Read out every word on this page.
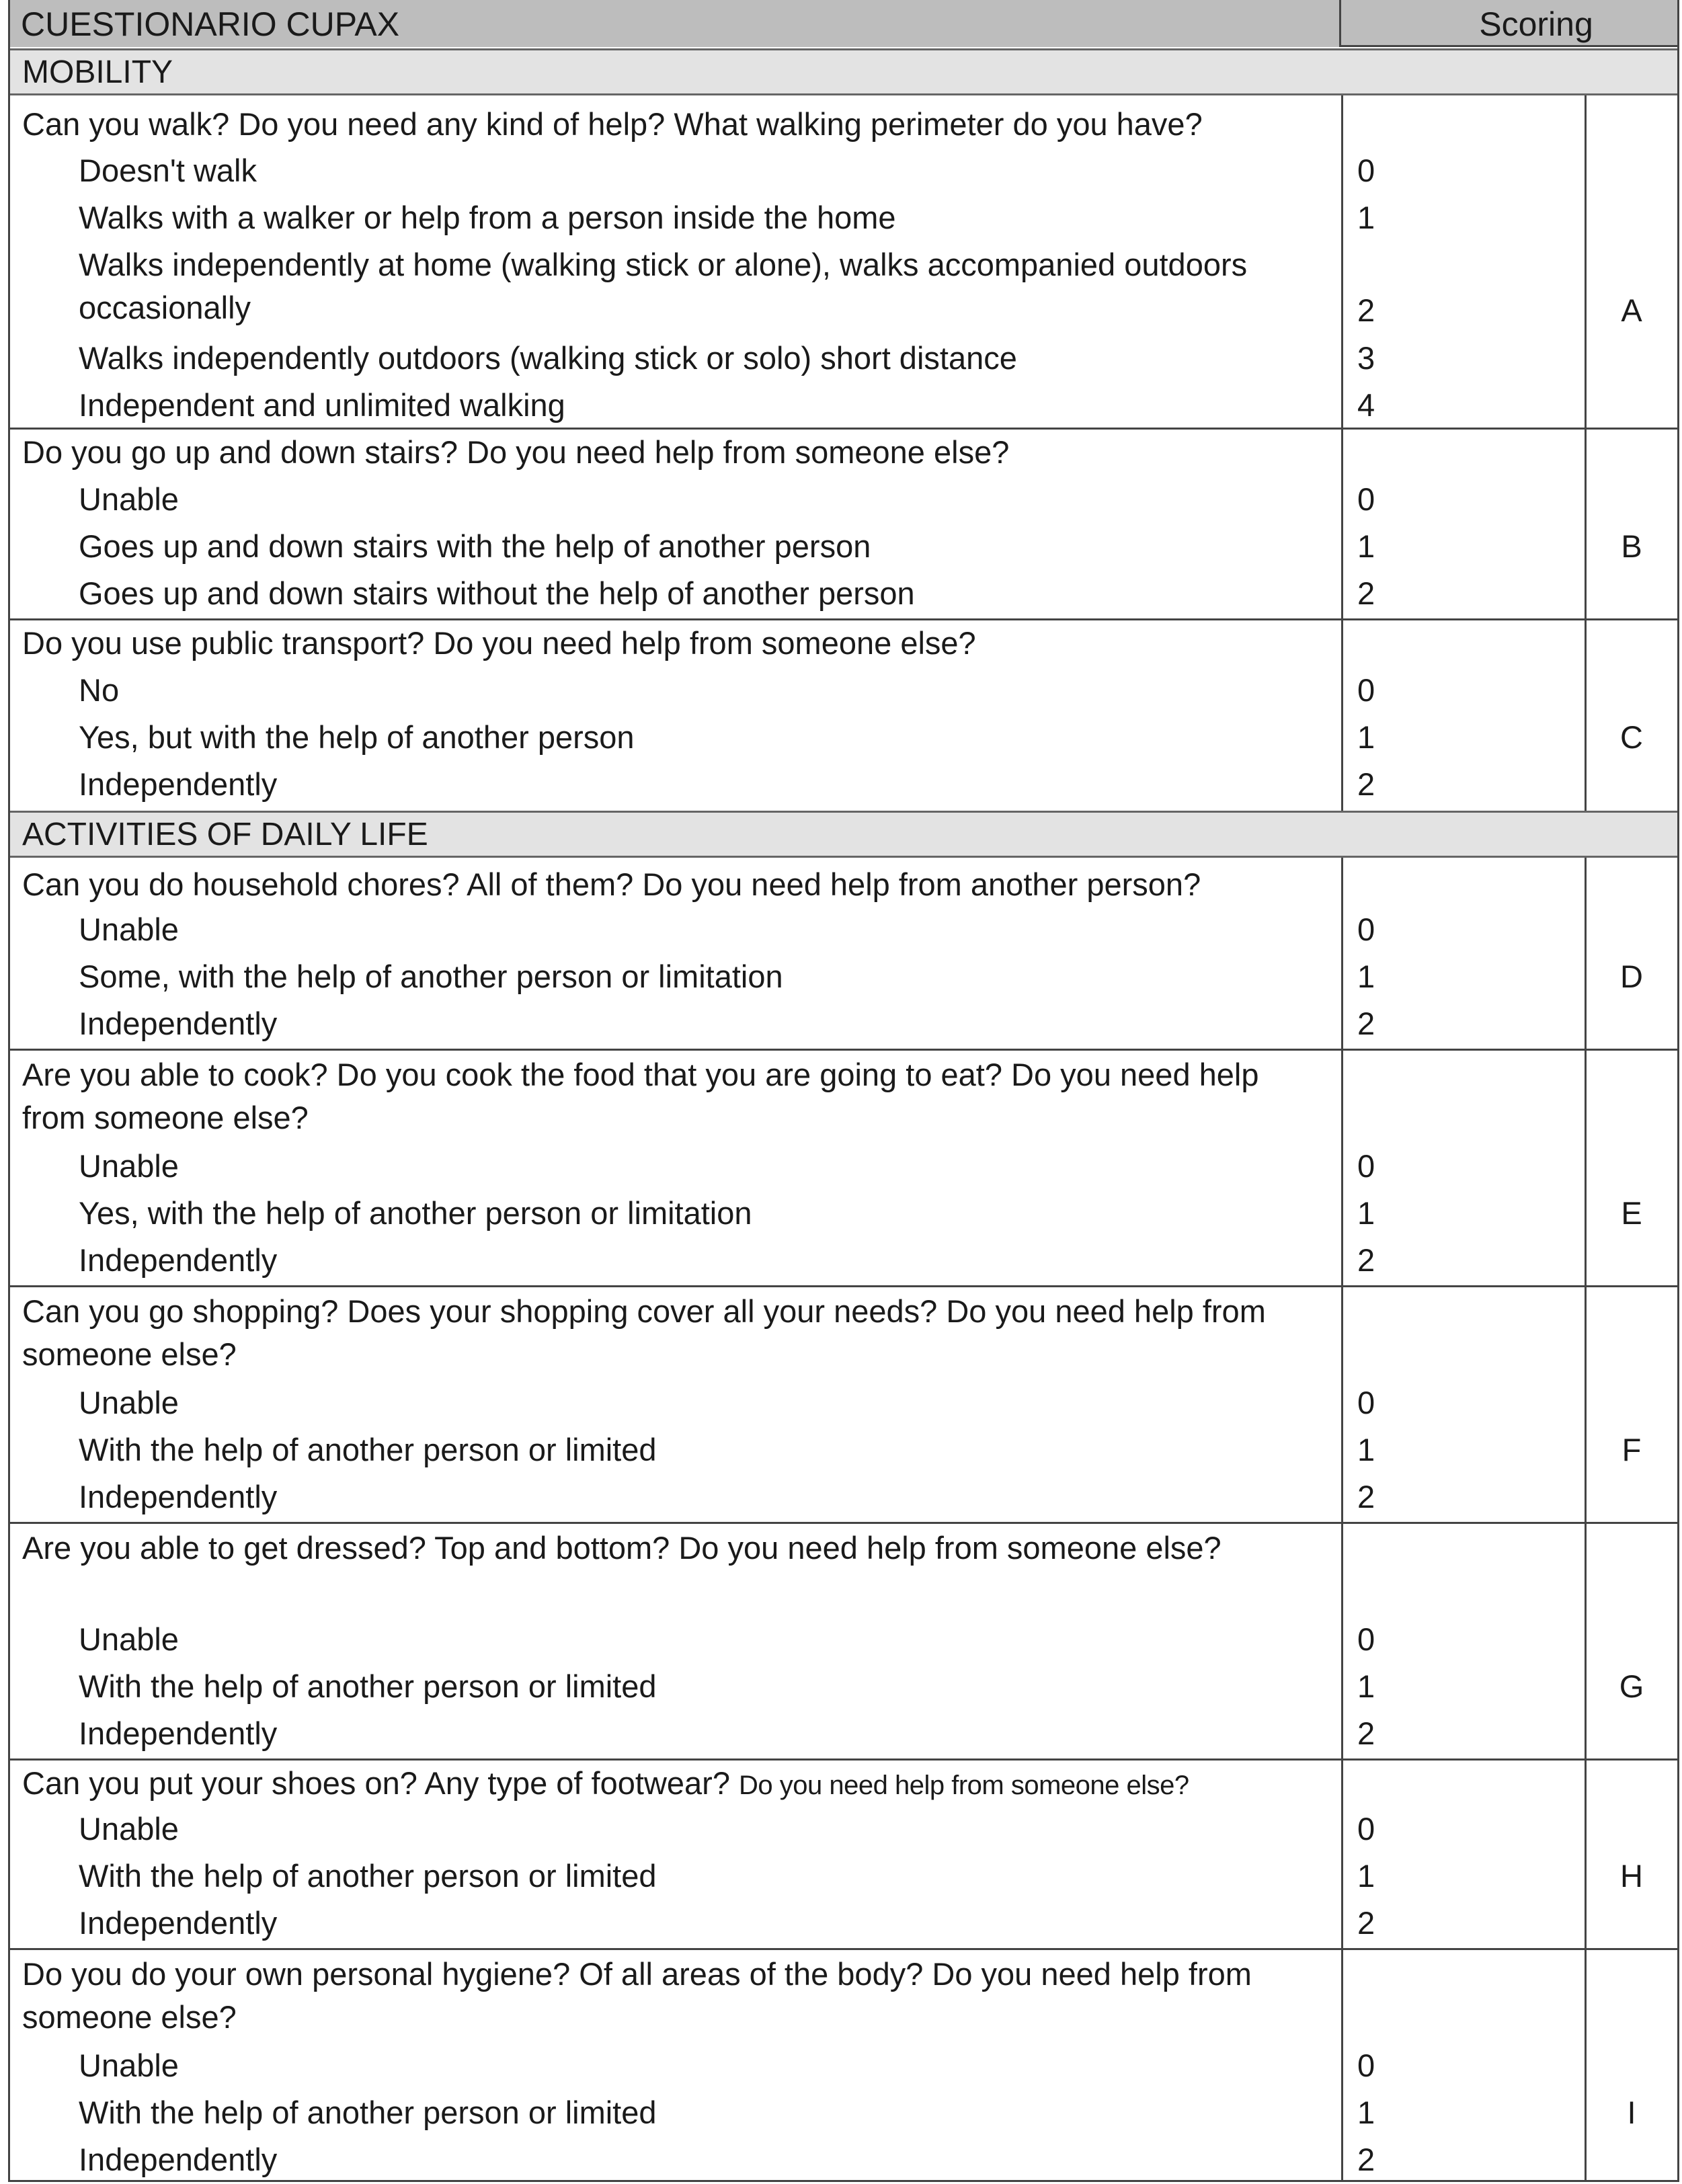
CUESTIONARIO CUPAX	Scoring
MOBILITY
Can you walk? Do you need any kind of help? What walking perimeter do you have?
Doesn't walk	0
Walks with a walker or help from a person inside the home	1
Walks independently at home (walking stick or alone), walks accompanied outdoors occasionally	2
Walks independently outdoors (walking stick or solo) short distance	3
Independent and unlimited walking	4
A
Do you go up and down stairs? Do you need help from someone else?
Unable	0
Goes up and down stairs with the help of another person	1
Goes up and down stairs without the help of another person	2
B
Do you use public transport? Do you need help from someone else?
No	0
Yes, but with the help of another person	1
Independently	2
C
ACTIVITIES OF DAILY LIFE
Can you do household chores? All of them? Do you need help from another person?
Unable	0
Some, with the help of another person or limitation	1
Independently	2
D
Are you able to cook? Do you cook the food that you are going to eat? Do you need help from someone else?
Unable	0
Yes, with the help of another person or limitation	1
Independently	2
E
Can you go shopping? Does your shopping cover all your needs? Do you need help from someone else?
Unable	0
With the help of another person or limited	1
Independently	2
F
Are you able to get dressed? Top and bottom? Do you need help from someone else?
Unable	0
With the help of another person or limited	1
Independently	2
G
Can you put your shoes on? Any type of footwear? Do you need help from someone else?
Unable	0
With the help of another person or limited	1
Independently	2
H
Do you do your own personal hygiene? Of all areas of the body? Do you need help from someone else?
Unable	0
With the help of another person or limited	1
Independently	2
I
